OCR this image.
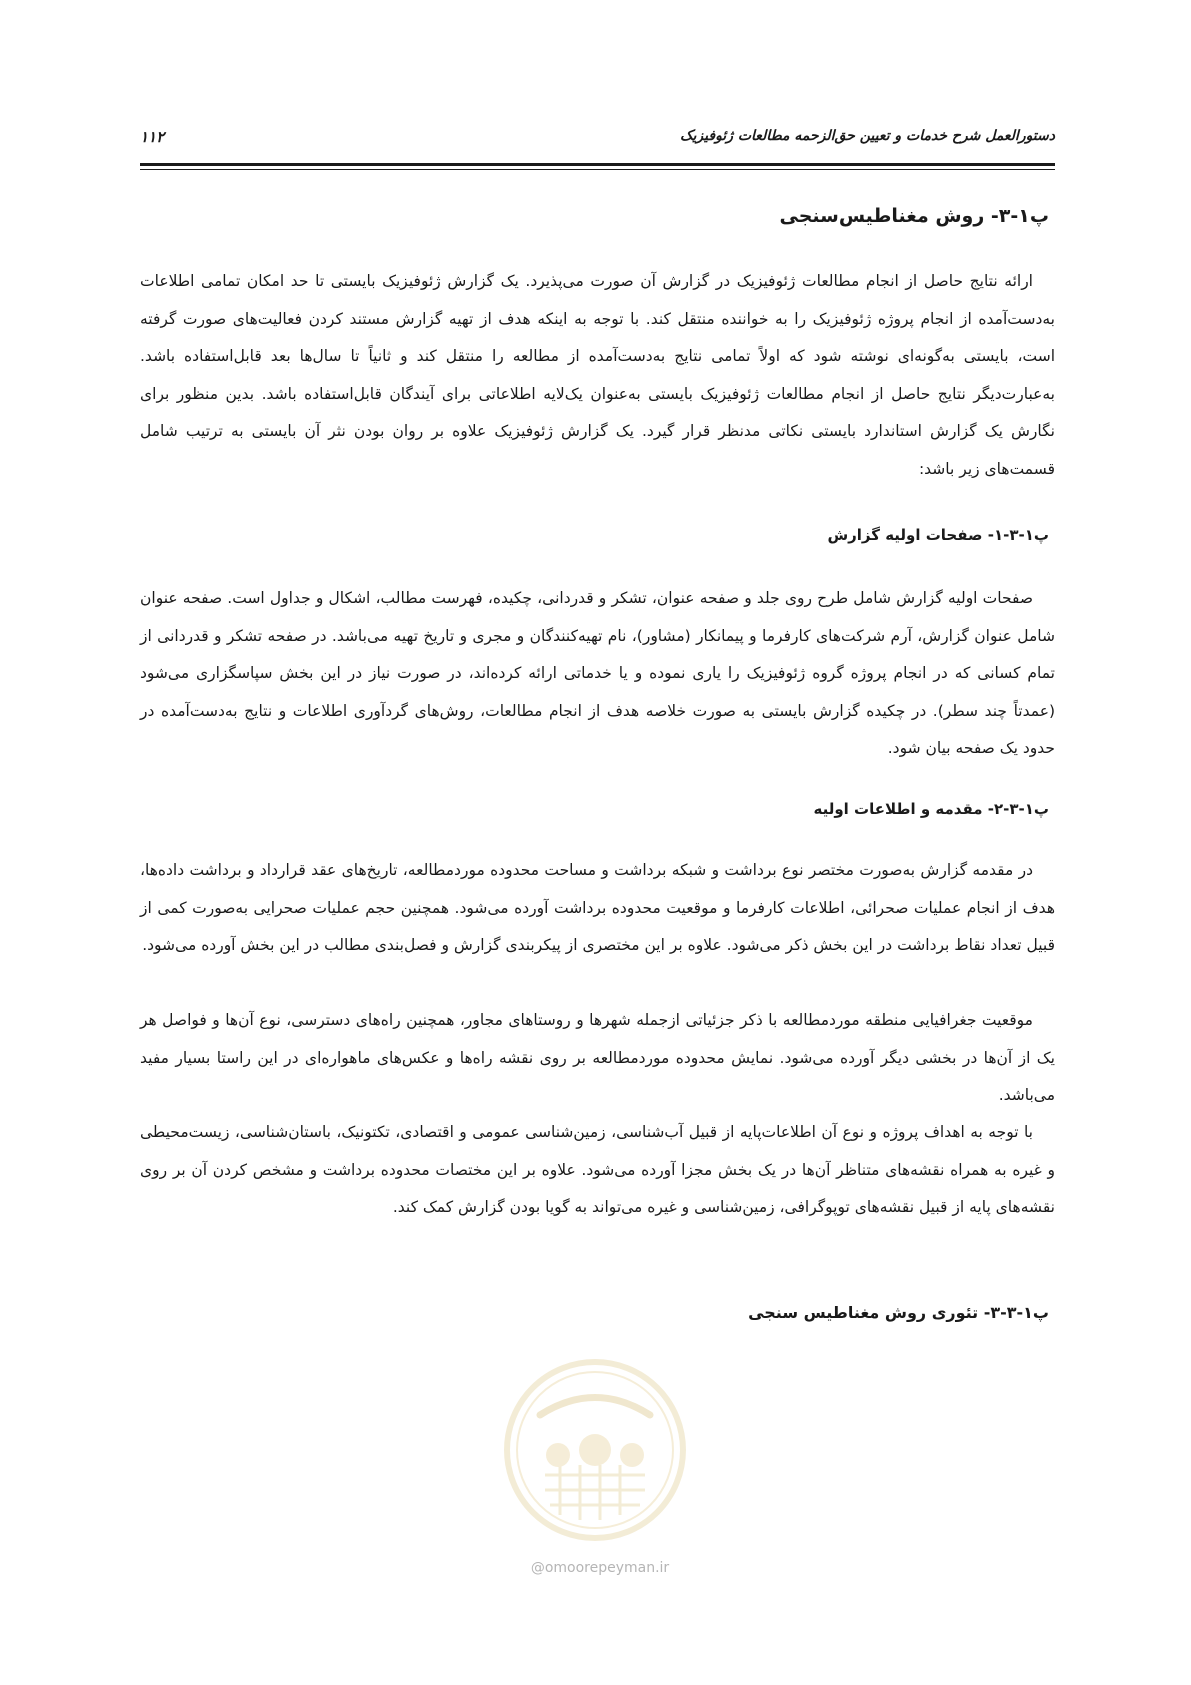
دستورالعمل شرح خدمات و تعیین حق‌الزحمه مطالعات ژئوفیزیک
۱۱۲
پ۱-۳- روش مغناطیس‌سنجی

ارائه نتایج حاصل از انجام مطالعات ژئوفیزیک در گزارش آن صورت می‌پذیرد. یک گزارش ژئوفیزیک بایستی تا حد امکان تمامی اطلاعات به‌دست‌آمده از انجام پروژه ژئوفیزیک را به خواننده منتقل کند. با توجه به اینکه هدف از تهیه گزارش مستند کردن فعالیت‌های صورت گرفته است، بایستی به‌گونه‌ای نوشته شود که اولاً تمامی نتایج به‌دست‌آمده از مطالعه را منتقل کند و ثانیاً تا سال‌ها بعد قابل‌استفاده باشد. به‌عبارت‌دیگر نتایج حاصل از انجام مطالعات ژئوفیزیک بایستی به‌عنوان یک‌لایه اطلاعاتی برای آیندگان قابل‌استفاده باشد. بدین منظور برای نگارش یک گزارش استاندارد بایستی نکاتی مدنظر قرار گیرد. یک گزارش ژئوفیزیک علاوه بر روان بودن نثر آن بایستی به ترتیب شامل قسمت‌های زیر باشد:

پ۱-۳-۱- صفحات اولیه گزارش

صفحات اولیه گزارش شامل طرح روی جلد و صفحه عنوان، تشکر و قدردانی، چکیده، فهرست مطالب، اشکال و جداول است. صفحه عنوان شامل عنوان گزارش، آرم شرکت‌های کارفرما و پیمانکار (مشاور)، نام تهیه‌کنندگان و مجری و تاریخ تهیه می‌باشد. در صفحه تشکر و قدردانی از تمام کسانی که در انجام پروژه گروه ژئوفیزیک را یاری نموده و یا خدماتی ارائه کرده‌اند، در صورت نیاز در این بخش سپاسگزاری می‌شود (عمدتاً چند سطر). در چکیده گزارش بایستی به صورت خلاصه هدف از انجام مطالعات، روش‌های گردآوری اطلاعات و نتایج به‌دست‌آمده در حدود یک صفحه بیان شود.

پ۱-۳-۲- مقدمه و اطلاعات اولیه

در مقدمه گزارش به‌صورت مختصر نوع برداشت و شبکه برداشت و مساحت محدوده موردمطالعه، تاریخ‌های عقد قرارداد و برداشت داده‌ها، هدف از انجام عملیات صحرائی، اطلاعات کارفرما و موقعیت محدوده برداشت آورده می‌شود. همچنین حجم عملیات صحرایی به‌صورت کمی از قبیل تعداد نقاط برداشت در این بخش ذکر می‌شود. علاوه بر این مختصری از پیکربندی گزارش و فصل‌بندی مطالب در این بخش آورده می‌شود.

موقعیت جغرافیایی منطقه موردمطالعه با ذکر جزئیاتی ازجمله شهرها و روستاهای مجاور، همچنین راه‌های دسترسی، نوع آن‌ها و فواصل هر یک از آن‌ها در بخشی دیگر آورده می‌شود. نمایش محدوده موردمطالعه بر روی نقشه راه‌ها و عکس‌های ماهواره‌ای در این راستا بسیار مفید می‌باشد.

با توجه به اهداف پروژه و نوع آن اطلاعات‌پایه از قبیل آب‌شناسی، زمین‌شناسی عمومی و اقتصادی، تکتونیک، باستان‌شناسی، زیست‌محیطی و غیره به همراه نقشه‌های متناظر آن‌ها در یک بخش مجزا آورده می‌شود. علاوه بر این مختصات محدوده برداشت و مشخص کردن آن بر روی نقشه‌های پایه از قبیل نقشه‌های توپوگرافی، زمین‌شناسی و غیره می‌تواند به گویا بودن گزارش کمک کند.

پ۱-۳-۳- تئوری روش مغناطیس سنجی
@omoorepeyman.ir
